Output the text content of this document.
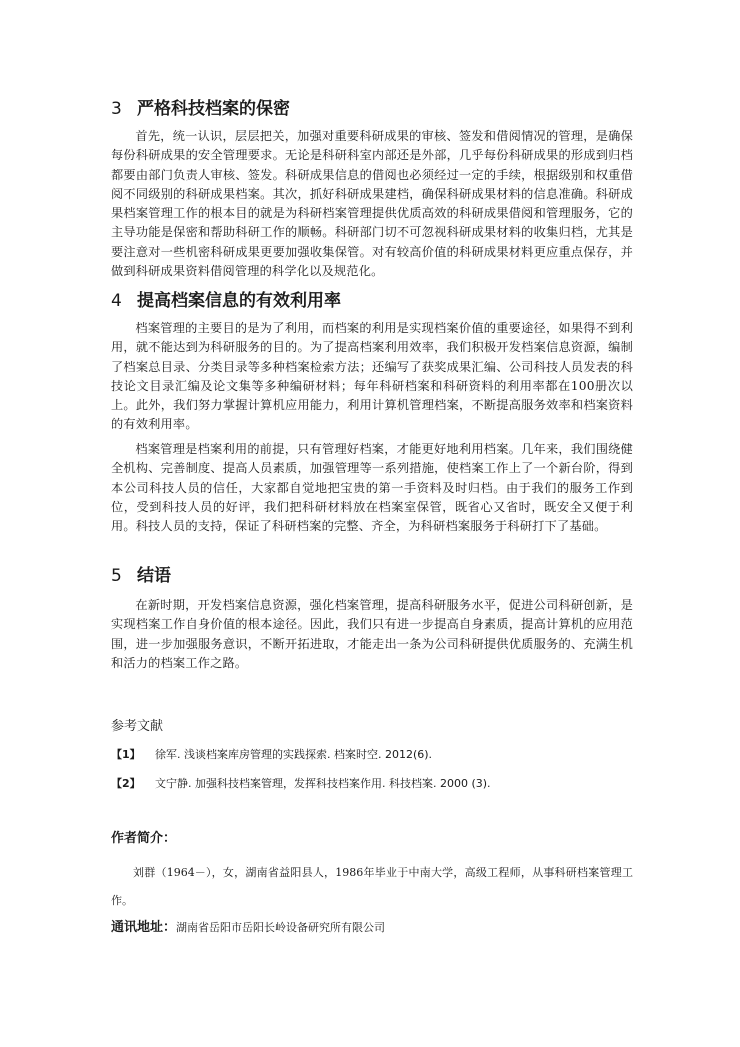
3 严格科技档案的保密

首先，统一认识，层层把关，加强对重要科研成果的审核、签发和借阅情况的管理，是确保每份科研成果的安全管理要求。无论是科研科室内部还是外部，几乎每份科研成果的形成到归档都要由部门负责人审核、签发。科研成果信息的借阅也必须经过一定的手续，根据级别和权重借阅不同级别的科研成果档案。其次，抓好科研成果建档，确保科研成果材料的信息准确。科研成果档案管理工作的根本目的就是为科研档案管理提供优质高效的科研成果借阅和管理服务，它的主导功能是保密和帮助科研工作的顺畅。科研部门切不可忽视科研成果材料的收集归档，尤其是要注意对一些机密科研成果更要加强收集保管。对有较高价值的科研成果材料更应重点保存，并做到科研成果资料借阅管理的科学化以及规范化。

4 提高档案信息的有效利用率

档案管理的主要目的是为了利用，而档案的利用是实现档案价值的重要途径，如果得不到利用，就不能达到为科研服务的目的。为了提高档案利用效率，我们积极开发档案信息资源，编制了档案总目录、分类目录等多种档案检索方法；还编写了获奖成果汇编、公司科技人员发表的科技论文目录汇编及论文集等多种编研材料；每年科研档案和科研资料的利用率都在100册次以上。此外，我们努力掌握计算机应用能力，利用计算机管理档案，不断提高服务效率和档案资料的有效利用率。

档案管理是档案利用的前提，只有管理好档案，才能更好地利用档案。几年来，我们围绕健全机构、完善制度、提高人员素质，加强管理等一系列措施，使档案工作上了一个新台阶，得到本公司科技人员的信任，大家都自觉地把宝贵的第一手资料及时归档。由于我们的服务工作到位，受到科技人员的好评，我们把科研材料放在档案室保管，既省心又省时，既安全又便于利用。科技人员的支持，保证了科研档案的完整、齐全，为科研档案服务于科研打下了基础。

5 结语

在新时期，开发档案信息资源，强化档案管理，提高科研服务水平，促进公司科研创新，是实现档案工作自身价值的根本途径。因此，我们只有进一步提高自身素质，提高计算机的应用范围，进一步加强服务意识，不断开拓进取，才能走出一条为公司科研提供优质服务的、充满生机和活力的档案工作之路。

参考文献
【1】 徐军. 浅谈档案库房管理的实践探索. 档案时空. 2012(6).
【2】 文宁静. 加强科技档案管理，发挥科技档案作用. 科技档案. 2000 (3).
作者简介：

刘群（1964－），女，湖南省益阳县人，1986年毕业于中南大学，高级工程师，从事科研档案管理工作。

通讯地址：湖南省岳阳市岳阳长岭设备研究所有限公司
